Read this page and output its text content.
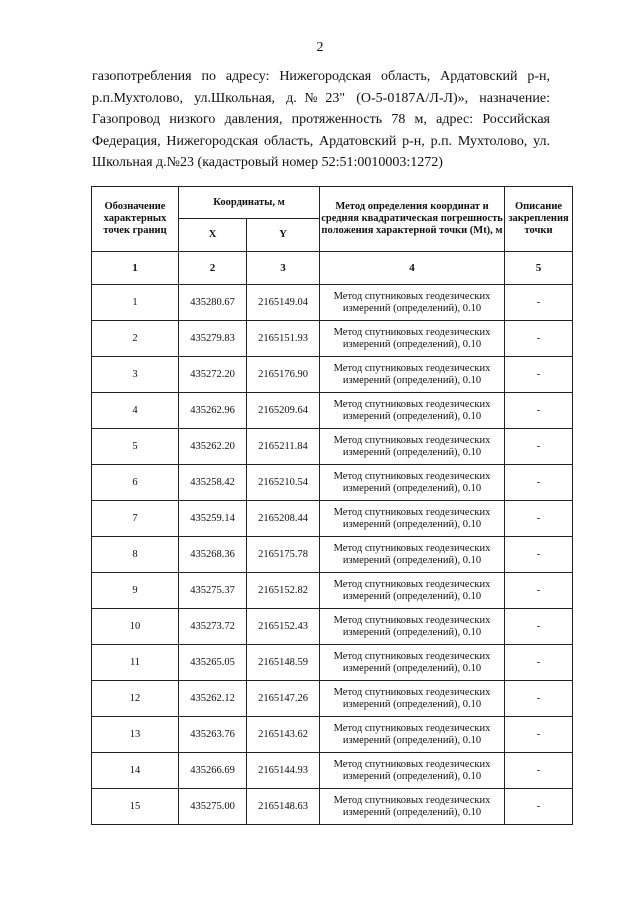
2
газопотребления по адресу: Нижегородская область, Ардатовский р-н, р.п.Мухтолово, ул.Школьная, д.№23" (О-5-0187А/Л-Л)», назначение: Газопровод низкого давления, протяженность 78 м, адрес: Российская Федерация, Нижегородская область, Ардатовский р-н, р.п. Мухтолово, ул. Школьная д.№23 (кадастровый номер 52:51:0010003:1272)
Обозначение характерных точек границ	Координаты, м		Метод определения координат и средняя квадратическая погрешность положения характерной точки (Mt), м	Описание закрепления точки
	X	Y		
1	2	3	4	5
1	435280.67	2165149.04	Метод спутниковых геодезических измерений (определений), 0.10	-
2	435279.83	2165151.93	Метод спутниковых геодезических измерений (определений), 0.10	-
3	435272.20	2165176.90	Метод спутниковых геодезических измерений (определений), 0.10	-
4	435262.96	2165209.64	Метод спутниковых геодезических измерений (определений), 0.10	-
5	435262.20	2165211.84	Метод спутниковых геодезических измерений (определений), 0.10	-
6	435258.42	2165210.54	Метод спутниковых геодезических измерений (определений), 0.10	-
7	435259.14	2165208.44	Метод спутниковых геодезических измерений (определений), 0.10	-
8	435268.36	2165175.78	Метод спутниковых геодезических измерений (определений), 0.10	-
9	435275.37	2165152.82	Метод спутниковых геодезических измерений (определений), 0.10	-
10	435273.72	2165152.43	Метод спутниковых геодезических измерений (определений), 0.10	-
11	435265.05	2165148.59	Метод спутниковых геодезических измерений (определений), 0.10	-
12	435262.12	2165147.26	Метод спутниковых геодезических измерений (определений), 0.10	-
13	435263.76	2165143.62	Метод спутниковых геодезических измерений (определений), 0.10	-
14	435266.69	2165144.93	Метод спутниковых геодезических измерений (определений), 0.10	-
15	435275.00	2165148.63	Метод спутниковых геодезических измерений (определений), 0.10	-
